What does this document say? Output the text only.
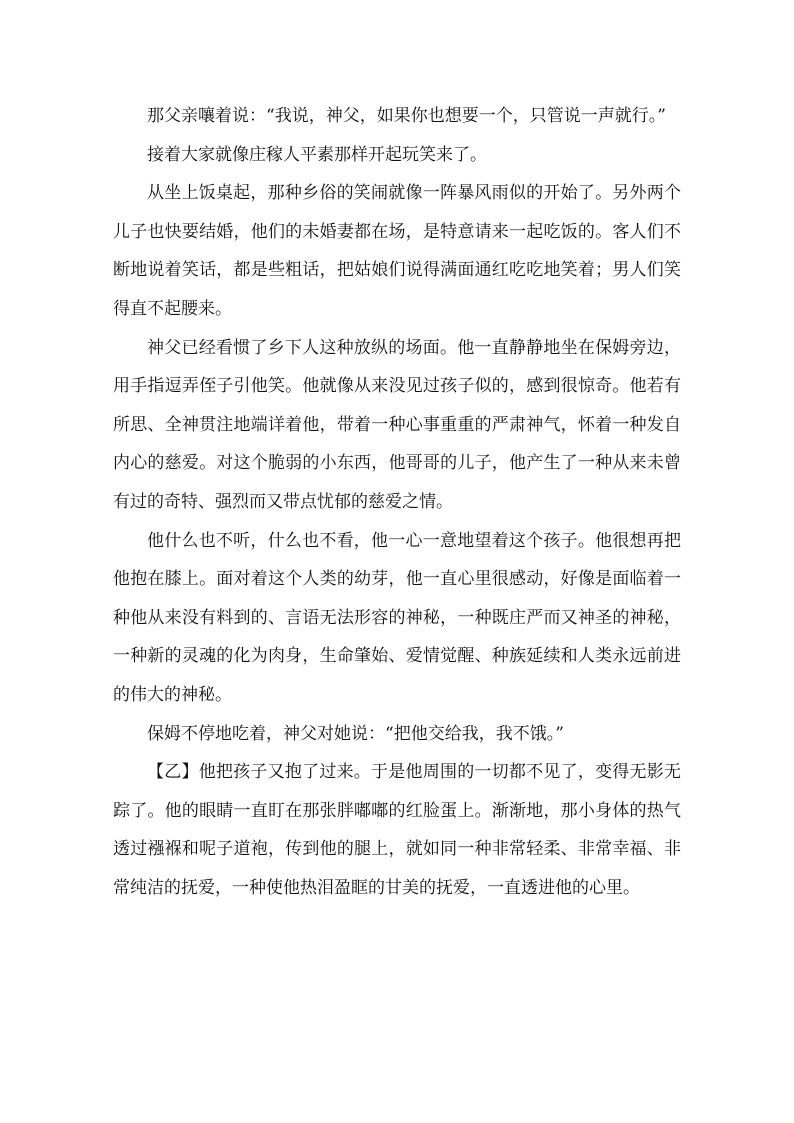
那父亲嚷着说：“我说，神父，如果你也想要一个，只管说一声就行。”

接着大家就像庄稼人平素那样开起玩笑来了。

从坐上饭桌起，那种乡俗的笑闹就像一阵暴风雨似的开始了。另外两个儿子也快要结婚，他们的未婚妻都在场，是特意请来一起吃饭的。客人们不断地说着笑话，都是些粗话，把姑娘们说得满面通红吃吃地笑着；男人们笑得直不起腰来。

神父已经看惯了乡下人这种放纵的场面。他一直静静地坐在保姆旁边，用手指逗弄侄子引他笑。他就像从来没见过孩子似的，感到很惊奇。他若有所思、全神贯注地端详着他，带着一种心事重重的严肃神气，怀着一种发自内心的慈爱。对这个脆弱的小东西，他哥哥的儿子，他产生了一种从来未曾有过的奇特、强烈而又带点忧郁的慈爱之情。

他什么也不听，什么也不看，他一心一意地望着这个孩子。他很想再把他抱在膝上。面对着这个人类的幼芽，他一直心里很感动，好像是面临着一种他从来没有料到的、言语无法形容的神秘，一种既庄严而又神圣的神秘，一种新的灵魂的化为肉身，生命肇始、爱情觉醒、种族延续和人类永远前进的伟大的神秘。

保姆不停地吃着，神父对她说：“把他交给我，我不饿。”

【乙】他把孩子又抱了过来。于是他周围的一切都不见了，变得无影无踪了。他的眼睛一直盯在那张胖嘟嘟的红脸蛋上。渐渐地，那小身体的热气透过襁褓和呢子道袍，传到他的腿上，就如同一种非常轻柔、非常幸福、非常纯洁的抚爱，一种使他热泪盈眶的甘美的抚爱，一直透进他的心里。
